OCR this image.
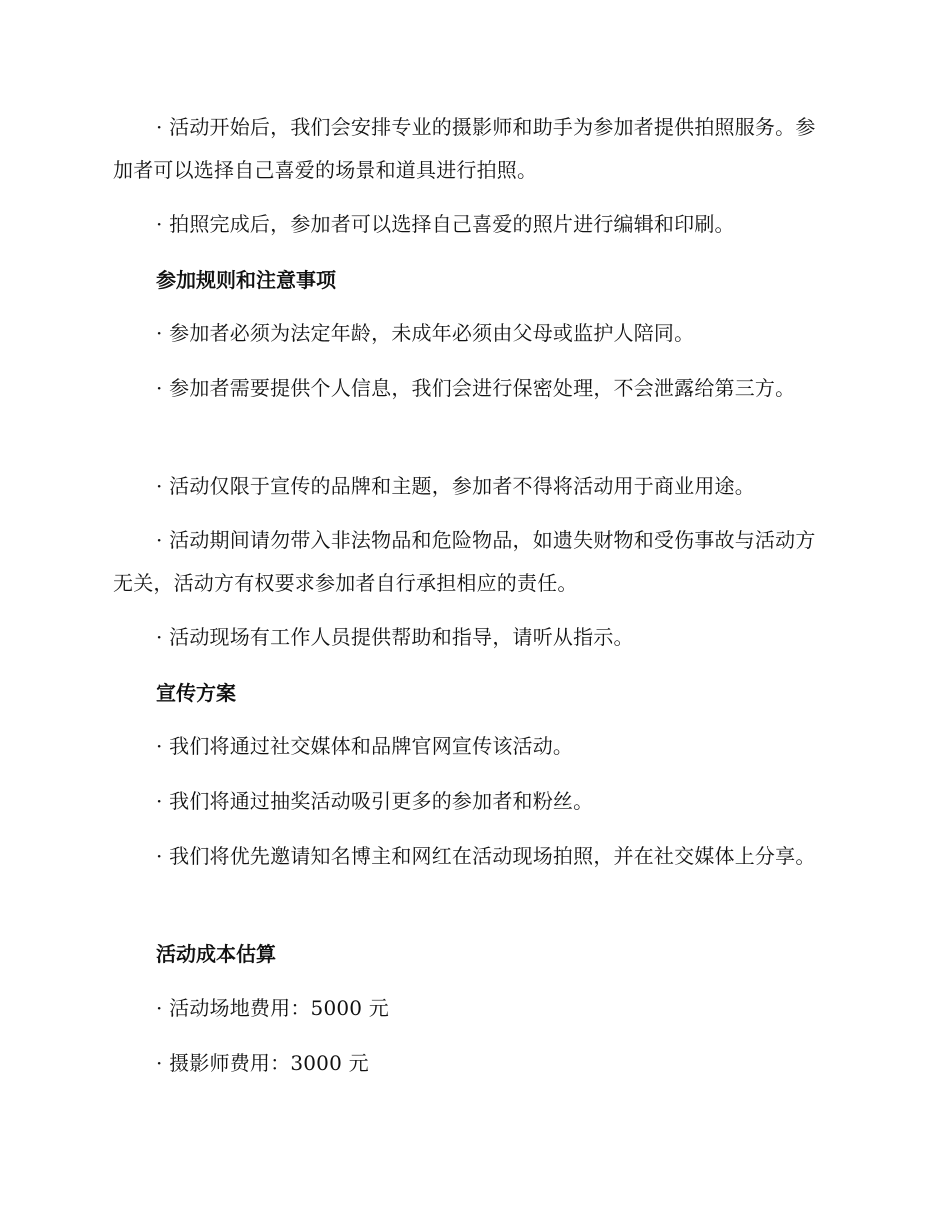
· 活动开始后，我们会安排专业的摄影师和助手为参加者提供拍照服务。参加者可以选择自己喜爱的场景和道具进行拍照。

· 拍照完成后，参加者可以选择自己喜爱的照片进行编辑和印刷。

参加规则和注意事项

· 参加者必须为法定年龄，未成年必须由父母或监护人陪同。

· 参加者需要提供个人信息，我们会进行保密处理，不会泄露给第三方。

· 活动仅限于宣传的品牌和主题，参加者不得将活动用于商业用途。

· 活动期间请勿带入非法物品和危险物品，如遗失财物和受伤事故与活动方无关，活动方有权要求参加者自行承担相应的责任。

· 活动现场有工作人员提供帮助和指导，请听从指示。

宣传方案

· 我们将通过社交媒体和品牌官网宣传该活动。

· 我们将通过抽奖活动吸引更多的参加者和粉丝。

· 我们将优先邀请知名博主和网红在活动现场拍照，并在社交媒体上分享。

活动成本估算

· 活动场地费用：5000 元

· 摄影师费用：3000 元
